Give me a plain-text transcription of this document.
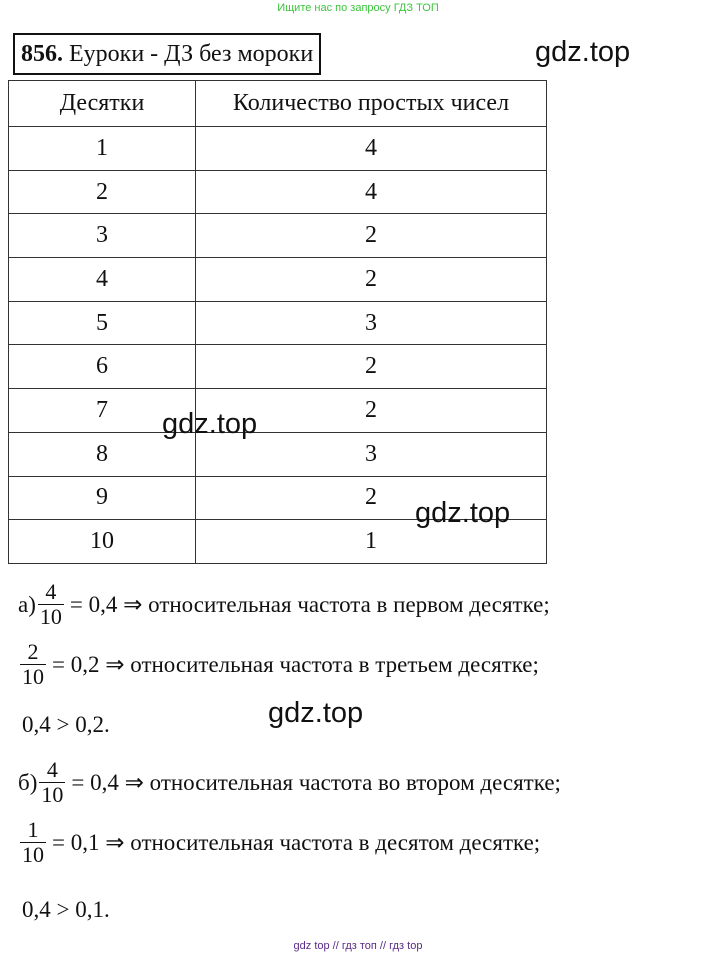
Ищите нас по запросу ГДЗ ТОП
856. Еуроки - ДЗ без мороки
Десятки	Количество простых чисел
1	4
2	4
3	2
4	2
5	3
6	2
7	2
8	3
9	2
10	1
gdz.top
gdz.top
gdz.top
gdz.top
$а) \frac{4}{10} = 0,4$ ⇒ относительная частота в первом десятке;
$\frac{2}{10} = 0,2$ ⇒ относительная частота в третьем десятке;
0,4 > 0,2.
$б) \frac{4}{10} = 0,4$ ⇒ относительная частота во втором десятке;
$\frac{1}{10} = 0,1$ ⇒ относительная частота в десятом десятке;
0,4 > 0,1.
gdz top // гдз топ // гдз top
